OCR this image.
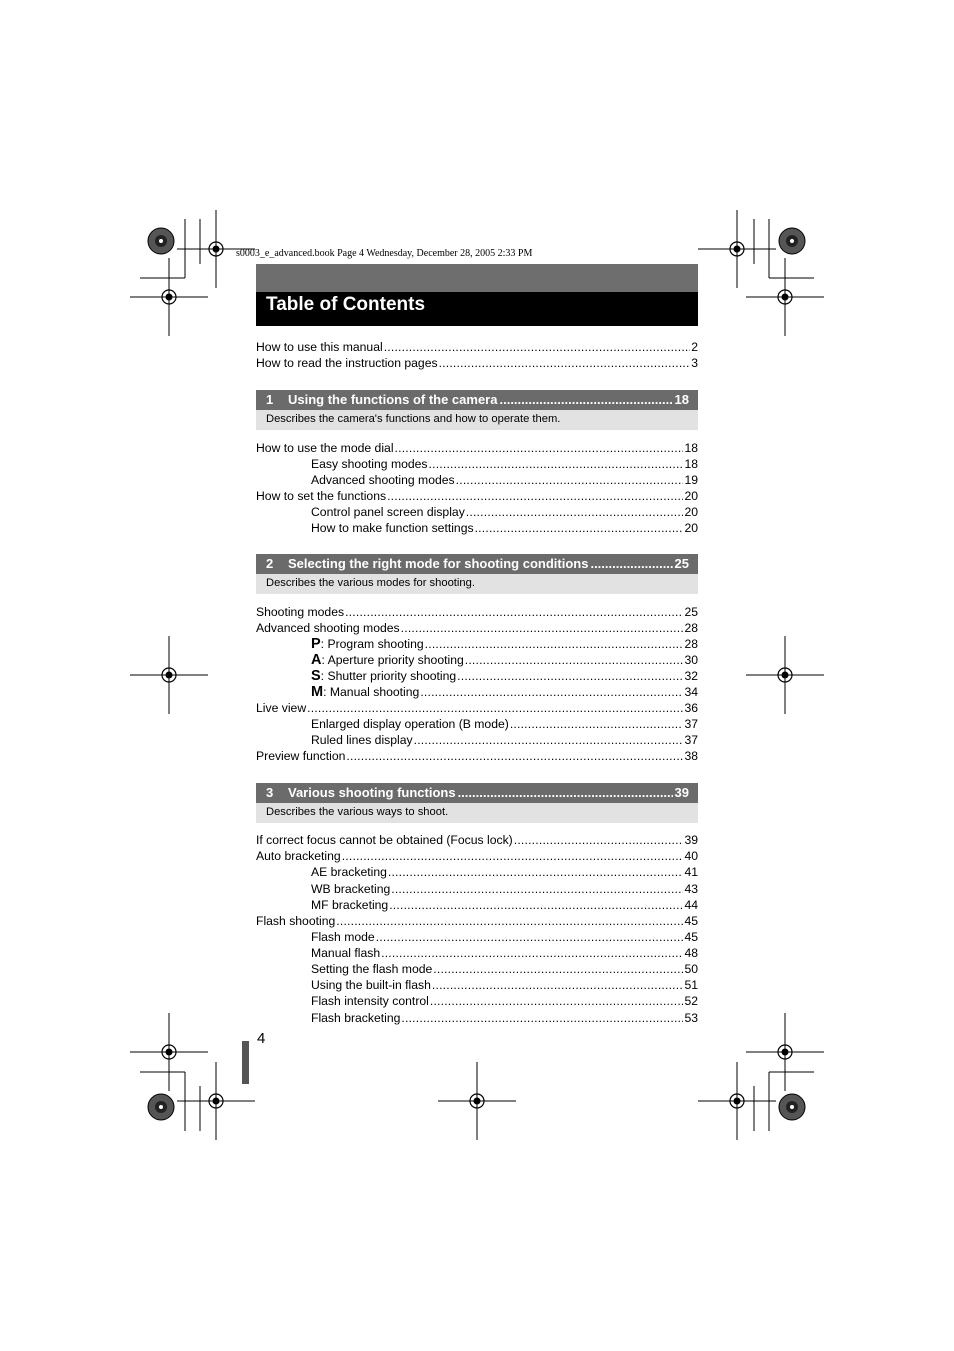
s0003_e_advanced.book Page 4 Wednesday, December 28, 2005 2:33 PM
Table of Contents
How to use this manual .....	2
How to read the instruction pages .....	3
1	Using the functions of the camera .....	18
Describes the camera's functions and how to operate them.
How to use the mode dial .....	18
Easy shooting modes .....	18
Advanced shooting modes .....	19
How to set the functions .....	20
Control panel screen display .....	20
How to make function settings .....	20
2	Selecting the right mode for shooting conditions .....	25
Describes the various modes for shooting.
Shooting modes .....	25
Advanced shooting modes .....	28
P: Program shooting .....	28
A: Aperture priority shooting .....	30
S: Shutter priority shooting .....	32
M: Manual shooting .....	34
Live view .....	36
Enlarged display operation (B mode) .....	37
Ruled lines display .....	37
Preview function .....	38
3	Various shooting functions .....	39
Describes the various ways to shoot.
If correct focus cannot be obtained (Focus lock) .....	39
Auto bracketing .....	40
AE bracketing .....	41
WB bracketing .....	43
MF bracketing .....	44
Flash shooting .....	45
Flash mode .....	45
Manual flash .....	48
Setting the flash mode .....	50
Using the built-in flash .....	51
Flash intensity control .....	52
Flash bracketing .....	53
4
